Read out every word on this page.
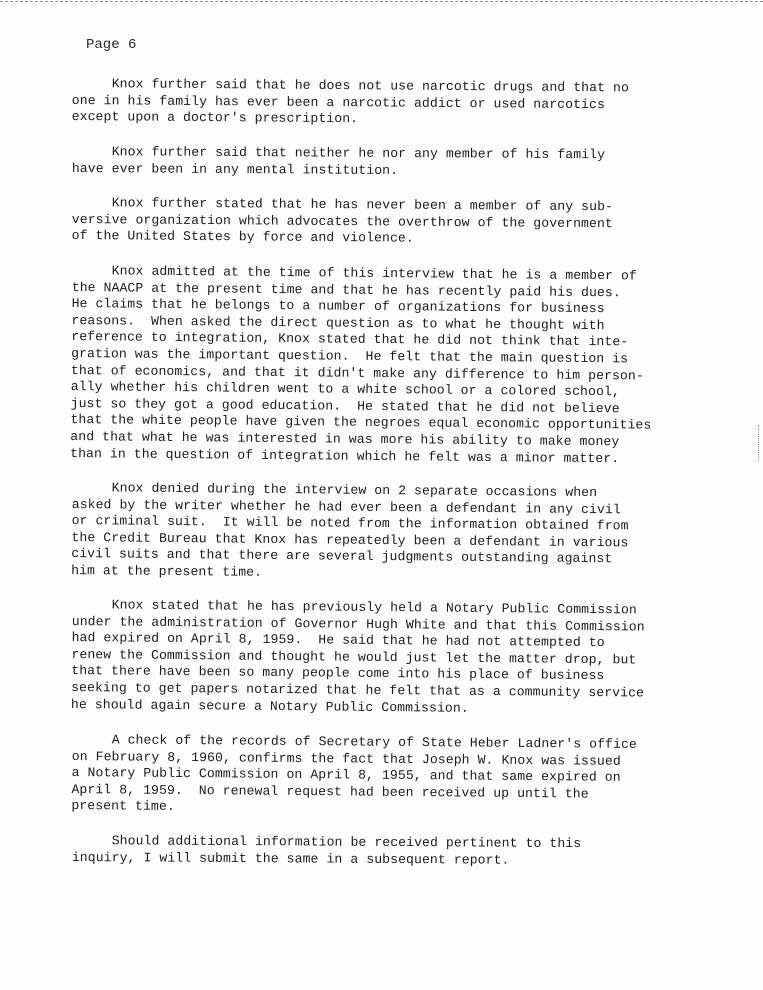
Page 6

Knox further said that he does not use narcotic drugs and that no
one in his family has ever been a narcotic addict or used narcotics
except upon a doctor's prescription.

Knox further said that neither he nor any member of his family
have ever been in any mental institution.

Knox further stated that he has never been a member of any sub-
versive organization which advocates the overthrow of the government
of the United States by force and violence.

Knox admitted at the time of this interview that he is a member of
the NAACP at the present time and that he has recently paid his dues.
He claims that he belongs to a number of organizations for business
reasons.  When asked the direct question as to what he thought with
reference to integration, Knox stated that he did not think that inte-
gration was the important question.  He felt that the main question is
that of economics, and that it didn't make any difference to him person-
ally whether his children went to a white school or a colored school,
just so they got a good education.  He stated that he did not believe
that the white people have given the negroes equal economic opportunities
and that what he was interested in was more his ability to make money
than in the question of integration which he felt was a minor matter.

Knox denied during the interview on 2 separate occasions when
asked by the writer whether he had ever been a defendant in any civil
or criminal suit.  It will be noted from the information obtained from
the Credit Bureau that Knox has repeatedly been a defendant in various
civil suits and that there are several judgments outstanding against
him at the present time.

Knox stated that he has previously held a Notary Public Commission
under the administration of Governor Hugh White and that this Commission
had expired on April 8, 1959.  He said that he had not attempted to
renew the Commission and thought he would just let the matter drop, but
that there have been so many people come into his place of business
seeking to get papers notarized that he felt that as a community service
he should again secure a Notary Public Commission.

A check of the records of Secretary of State Heber Ladner's office
on February 8, 1960, confirms the fact that Joseph W. Knox was issued
a Notary Public Commission on April 8, 1955, and that same expired on
April 8, 1959.  No renewal request had been received up until the
present time.

Should additional information be received pertinent to this
inquiry, I will submit the same in a subsequent report.
